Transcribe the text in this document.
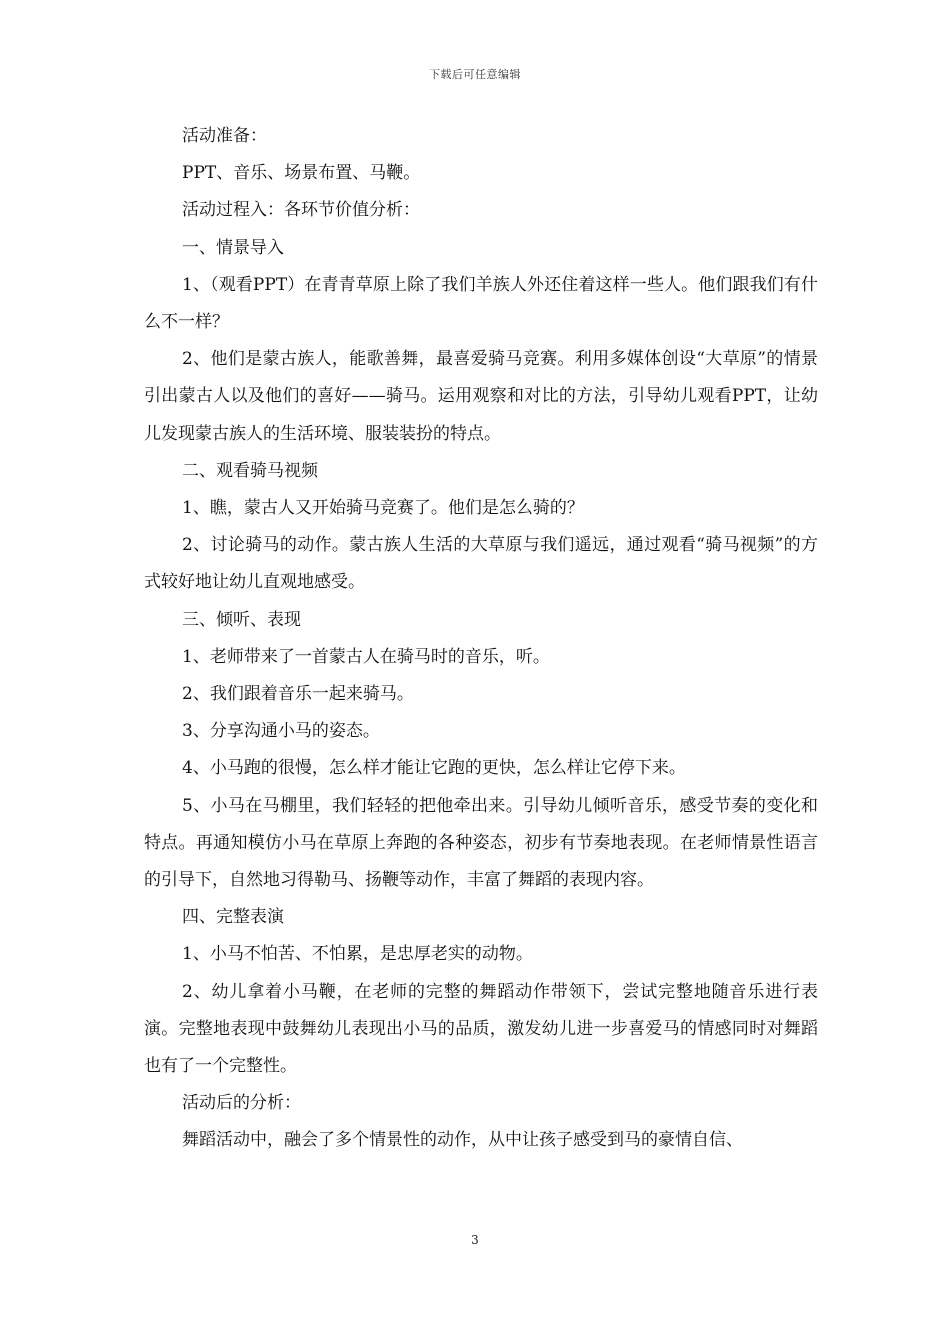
下载后可任意编辑

活动准备：

PPT、音乐、场景布置、马鞭。

活动过程入：各环节价值分析：

一、情景导入

1、（观看PPT）在青青草原上除了我们羊族人外还住着这样一些人。他们跟我们有什么不一样？

2、他们是蒙古族人，能歌善舞，最喜爱骑马竞赛。利用多媒体创设“大草原”的情景引出蒙古人以及他们的喜好——骑马。运用观察和对比的方法，引导幼儿观看PPT，让幼儿发现蒙古族人的生活环境、服装装扮的特点。

二、观看骑马视频

1、瞧，蒙古人又开始骑马竞赛了。他们是怎么骑的？

2、讨论骑马的动作。蒙古族人生活的大草原与我们遥远，通过观看“骑马视频”的方式较好地让幼儿直观地感受。

三、倾听、表现

1、老师带来了一首蒙古人在骑马时的音乐，听。

2、我们跟着音乐一起来骑马。

3、分享沟通小马的姿态。

4、小马跑的很慢，怎么样才能让它跑的更快，怎么样让它停下来。

5、小马在马棚里，我们轻轻的把他牵出来。引导幼儿倾听音乐，感受节奏的变化和特点。再通知模仿小马在草原上奔跑的各种姿态，初步有节奏地表现。在老师情景性语言的引导下，自然地习得勒马、扬鞭等动作，丰富了舞蹈的表现内容。

四、完整表演

1、小马不怕苦、不怕累，是忠厚老实的动物。

2、幼儿拿着小马鞭，在老师的完整的舞蹈动作带领下，尝试完整地随音乐进行表演。完整地表现中鼓舞幼儿表现出小马的品质，激发幼儿进一步喜爱马的情感同时对舞蹈也有了一个完整性。

活动后的分析：

舞蹈活动中，融会了多个情景性的动作，从中让孩子感受到马的豪情自信、

3
